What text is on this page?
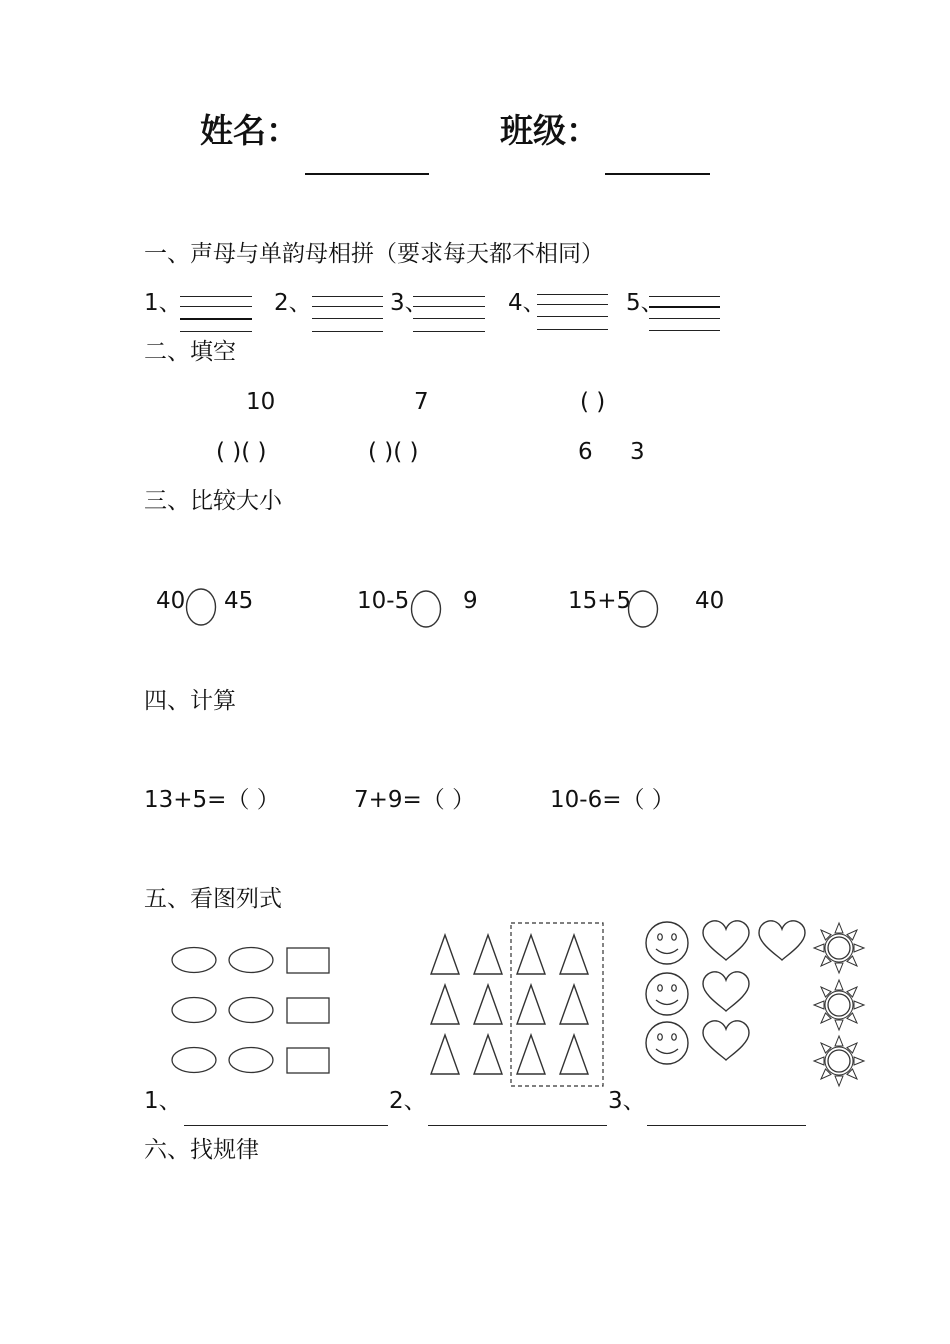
姓名：	班级：
一、声母与单韵母相拼（要求每天都不相同）
1、	2、	3、	4、	5、
二、填空
10	7	( )
( )( )	( )( )	6 3
三、比较大小
40 45	10-5 9	15+5	40
四、计算
13+5=（ ）	7+9=（ ）	10-6=（ ）
五、看图列式
1、	2、	3、
六、找规律
